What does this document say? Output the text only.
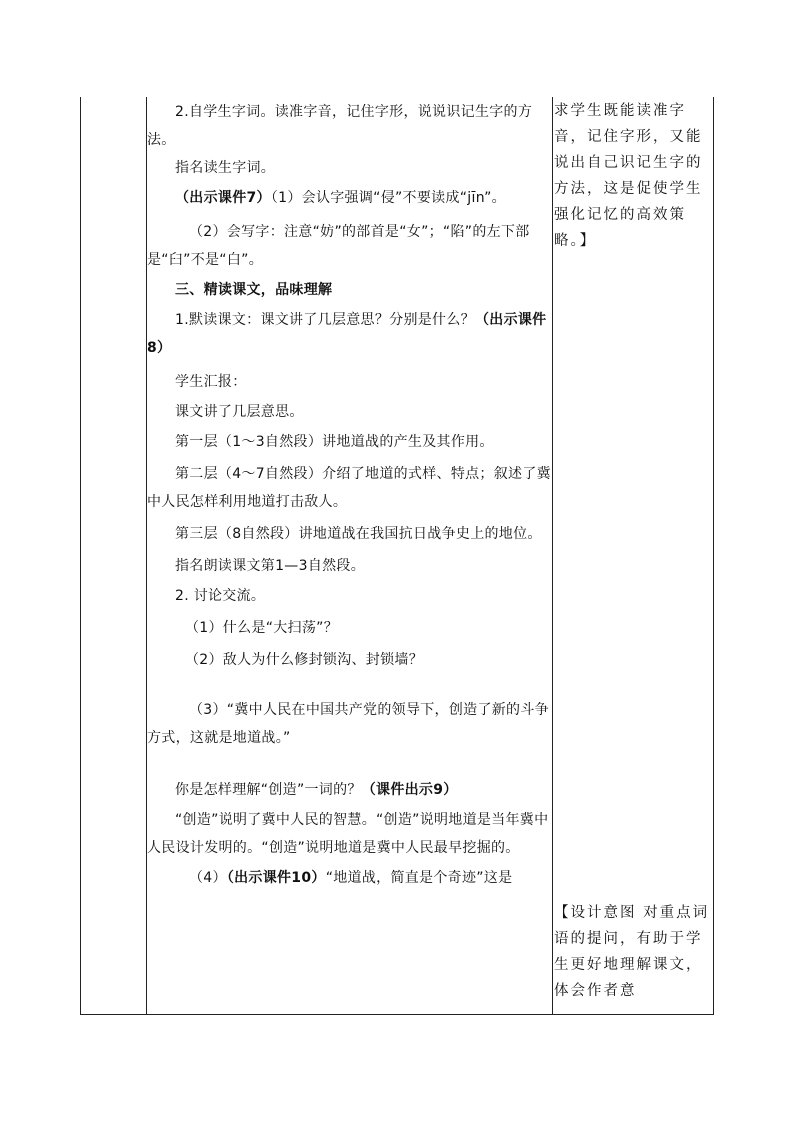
2.自学生字词。读准字音，记住字形，说说识记生字的方法。

指名读生字词。

（出示课件7）（1）会认字强调“侵”不要读成“jīn”。

（2）会写字：注意“妨”的部首是“女”；“陷”的左下部是“臼”不是“白”。

三、精读课文，品味理解

1.默读课文：课文讲了几层意思？分别是什么？（出示课件8）

学生汇报：

课文讲了几层意思。

第一层（1～3自然段）讲地道战的产生及其作用。

第二层（4～7自然段）介绍了地道的式样、特点；叙述了冀中人民怎样利用地道打击敌人。

第三层（8自然段）讲地道战在我国抗日战争史上的地位。

指名朗读课文第1—3自然段。

2. 讨论交流。

（1）什么是“大扫荡”？

（2）敌人为什么修封锁沟、封锁墙？

（3）“冀中人民在中国共产党的领导下，创造了新的斗争方式，这就是地道战。”

你是怎样理解“创造”一词的？（课件出示9）

“创造”说明了冀中人民的智慧。“创造”说明地道是当年冀中人民设计发明的。“创造”说明地道是冀中人民最早挖掘的。

（4）（出示课件10）“地道战，简直是个奇迹”这是

求学生既能读准字音，记住字形，又能说出自己识记生字的方法，这是促使学生强化记忆的高效策略。】

【设计意图 对重点词语的提问，有助于学生更好地理解课文，体会作者意
